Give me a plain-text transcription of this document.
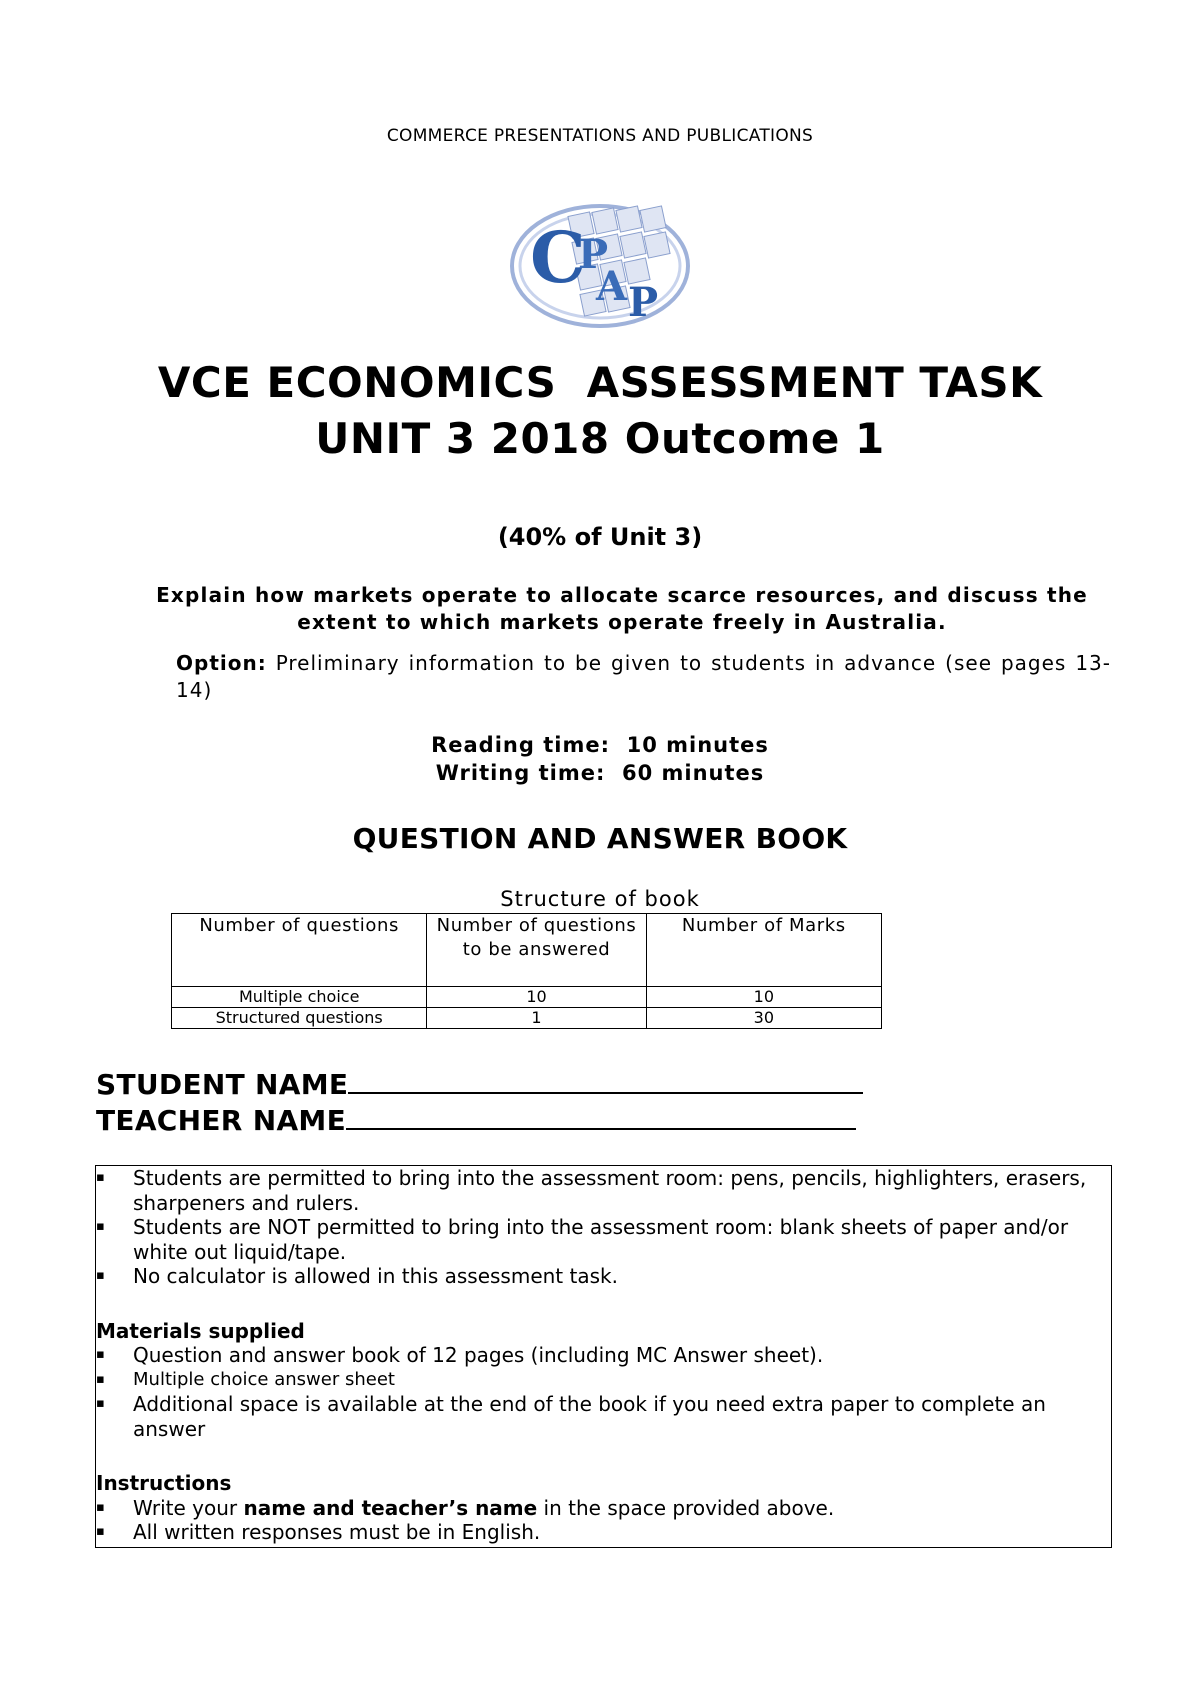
COMMERCE PRESENTATIONS AND PUBLICATIONS
C
P
A P
VCE ECONOMICS  ASSESSMENT TASK
UNIT 3 2018 Outcome 1
(40% of Unit 3)
Explain how markets operate to allocate scarce resources, and discuss the extent to which markets operate freely in Australia.
Option: Preliminary information to be given to students in advance (see pages 13-14)
Reading time:  10 minutes
Writing time:  60 minutes
QUESTION AND ANSWER BOOK
Structure of book
Number of questions	Number of questions to be answered	Number of Marks
Multiple choice	10	10
Structured questions	1	30
STUDENT NAME
TEACHER NAME

▪ Students are permitted to bring into the assessment room: pens, pencils, highlighters, erasers, sharpeners and rulers.

▪ Students are NOT permitted to bring into the assessment room: blank sheets of paper and/or white out liquid/tape.

▪ No calculator is allowed in this assessment task.

Materials supplied

▪ Question and answer book of 12 pages (including MC Answer sheet).

▪ Multiple choice answer sheet

▪ Additional space is available at the end of the book if you need extra paper to complete an answer

Instructions

▪ Write your name and teacher’s name in the space provided above.

▪ All written responses must be in English.
